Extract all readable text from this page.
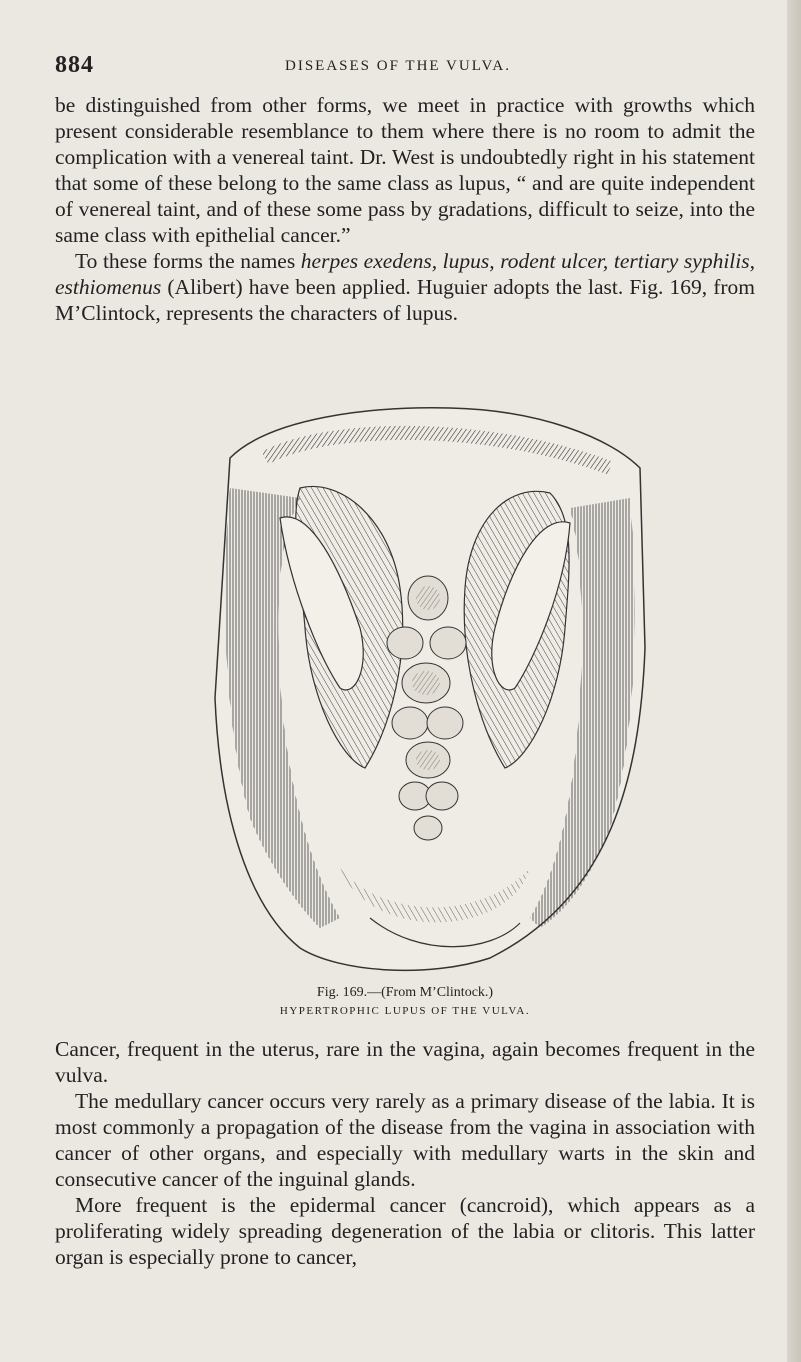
884	DISEASES OF THE VULVA.

be distinguished from other forms, we meet in practice with growths which present considerable resemblance to them where there is no room to admit the complication with a venereal taint. Dr. West is undoubtedly right in his statement that some of these belong to the same class as lupus, “ and are quite independent of venereal taint, and of these some pass by gradations, difficult to seize, into the same class with epithelial cancer.”

To these forms the names herpes exedens, lupus, rodent ulcer, tertiary syphilis, esthiomenus (Alibert) have been applied. Huguier adopts the last. Fig. 169, from M’Clintock, represents the characters of lupus.

Fig. 169.—(From M’Clintock.)
HYPERTROPHIC LUPUS OF THE VULVA.

Cancer, frequent in the uterus, rare in the vagina, again becomes frequent in the vulva.

The medullary cancer occurs very rarely as a primary disease of the labia. It is most commonly a propagation of the disease from the vagina in association with cancer of other organs, and especially with medullary warts in the skin and consecutive cancer of the inguinal glands.

More frequent is the epidermal cancer (cancroid), which appears as a proliferating widely spreading degeneration of the labia or clitoris. This latter organ is especially prone to cancer,
